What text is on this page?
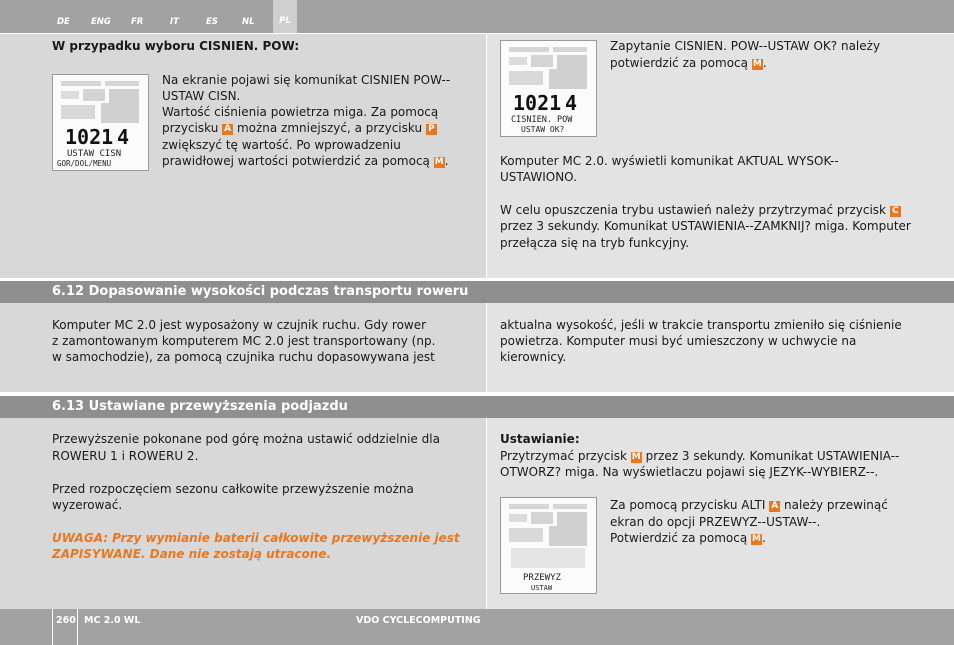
DE ENG FR	IT	ES	NL	PL
W przypadku wyboru CISNIEN. POW:
1021 4
USTAW CISN
GOR/DOL/MENU
Na ekranie pojawi się komunikat CISNIEN POW--
USTAW CISN.
Wartość ciśnienia powietrza miga. Za pomocą
przycisku A można zmniejszyć, a przycisku P
zwiększyć tę wartość. Po wprowadzeniu
prawidłowej wartości potwierdzić za pomocą M.
1021 4
CISNIEN. POW
USTAW OK?
Zapytanie CISNIEN. POW--USTAW OK? należy
potwierdzić za pomocą M.
Komputer MC 2.0. wyświetli komunikat AKTUAL WYSOK--
USTAWIONO.
W celu opuszczenia trybu ustawień należy przytrzymać przycisk C
przez 3 sekundy. Komunikat USTAWIENIA--ZAMKNIJ? miga. Komputer
przełącza się na tryb funkcyjny.
6.12 Dopasowanie wysokości podczas transportu roweru
Komputer MC 2.0 jest wyposażony w czujnik ruchu. Gdy rower
z zamontowanym komputerem MC 2.0 jest transportowany (np.
w samochodzie), za pomocą czujnika ruchu dopasowywana jest
aktualna wysokość, jeśli w trakcie transportu zmieniło się ciśnienie
powietrza. Komputer musi być umieszczony w uchwycie na
kierownicy.
6.13 Ustawiane przewyższenia podjazdu
Przewyższenie pokonane pod górę można ustawić oddzielnie dla
ROWERU 1 i ROWERU 2.
Przed rozpoczęciem sezonu całkowite przewyższenie można
wyzerować.
UWAGA: Przy wymianie baterii całkowite przewyższenie jest
ZAPISYWANE. Dane nie zostają utracone.
Ustawianie:
Przytrzymać przycisk M przez 3 sekundy. Komunikat USTAWIENIA--
OTWORZ? miga. Na wyświetlaczu pojawi się JEZYK--WYBIERZ--.
PRZEWYZ
USTAW
Za pomocą przycisku ALTI A należy przewinąć
ekran do opcji PRZEWYZ--USTAW--.
Potwierdzić za pomocą M.
260 MC 2.0 WL	VDO CYCLECOMPUTING
